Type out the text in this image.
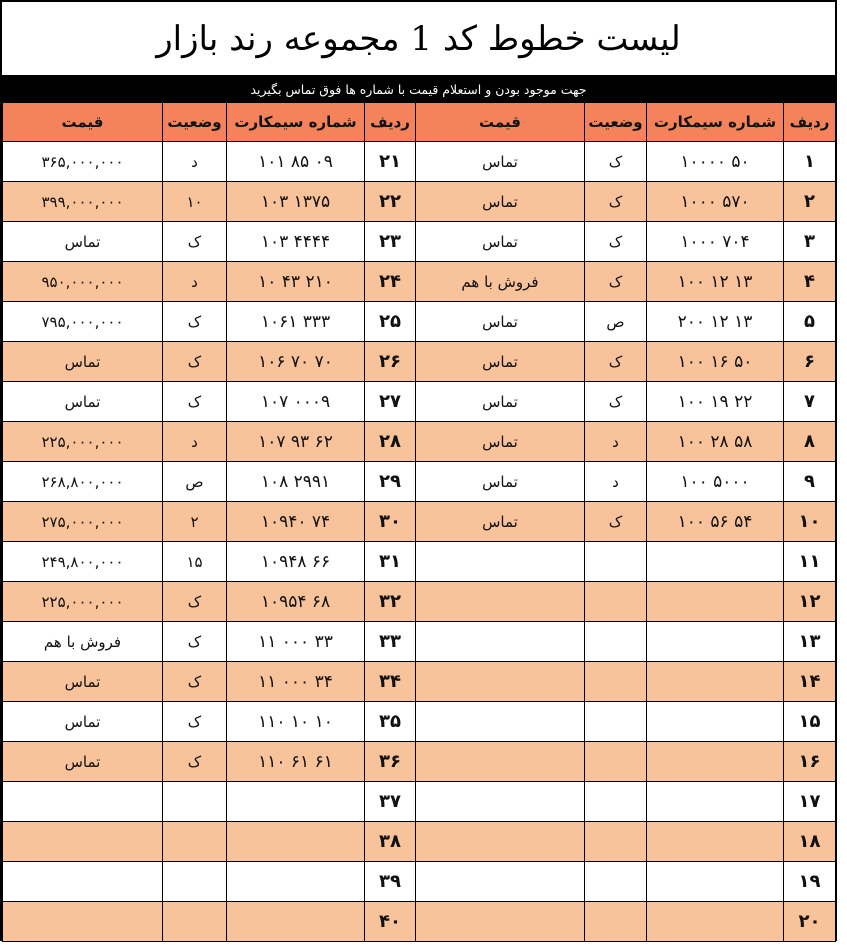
لیست خطوط کد 1 مجموعه رند بازار
جهت موجود بودن و استعلام قیمت با شماره ها فوق تماس بگیرید
قیمت	وضعیت	شماره سیمکارت	ردیف	قیمت	وضعیت	شماره سیمکارت	ردیف
۳۶۵,۰۰۰,۰۰۰	د	۱۰۱ ۸۵ ۰۹	۲۱	تماس	ک	۱۰۰۰۰ ۵۰	۱
۳۹۹,۰۰۰,۰۰۰	۱۰	۱۰۳ ۱۳۷۵	۲۲	تماس	ک	۱۰۰۰ ۵۷۰	۲
تماس	ک	۱۰۳ ۴۴۴۴	۲۳	تماس	ک	۱۰۰۰ ۷۰۴	۳
۹۵۰,۰۰۰,۰۰۰	د	۱۰ ۴۳ ۲۱۰	۲۴	فروش با هم	ک	۱۰۰ ۱۲ ۱۳	۴
۷۹۵,۰۰۰,۰۰۰	ک	۱۰۶۱ ۳۳۳	۲۵	تماس	ص	۲۰۰ ۱۲ ۱۳	۵
تماس	ک	۱۰۶ ۷۰ ۷۰	۲۶	تماس	ک	۱۰۰ ۱۶ ۵۰	۶
تماس	ک	۱۰۷ ۰۰۰۹	۲۷	تماس	ک	۱۰۰ ۱۹ ۲۲	۷
۲۲۵,۰۰۰,۰۰۰	د	۱۰۷ ۹۳ ۶۲	۲۸	تماس	د	۱۰۰ ۲۸ ۵۸	۸
۲۶۸,۸۰۰,۰۰۰	ص	۱۰۸ ۲۹۹۱	۲۹	تماس	د	۱۰۰ ۵۰۰۰	۹
۲۷۵,۰۰۰,۰۰۰	۲	۱۰۹۴۰ ۷۴	۳۰	تماس	ک	۱۰۰ ۵۶ ۵۴	۱۰
۲۴۹,۸۰۰,۰۰۰	۱۵	۱۰۹۴۸ ۶۶	۳۱				۱۱
۲۲۵,۰۰۰,۰۰۰	ک	۱۰۹۵۴ ۶۸	۳۲				۱۲
فروش با هم	ک	۱۱ ۰۰۰ ۳۳	۳۳				۱۳
تماس	ک	۱۱ ۰۰۰ ۳۴	۳۴				۱۴
تماس	ک	۱۱۰ ۱۰ ۱۰	۳۵				۱۵
تماس	ک	۱۱۰ ۶۱ ۶۱	۳۶				۱۶
			۳۷				۱۷
			۳۸				۱۸
			۳۹				۱۹
			۴۰				۲۰
